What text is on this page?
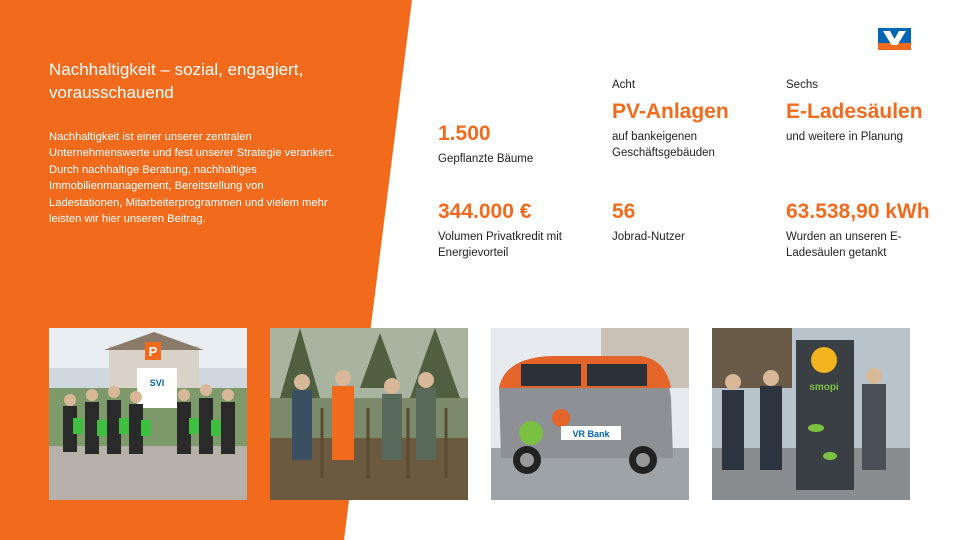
Nachhaltigkeit – sozial, engagiert, vorausschauend
Nachhaltigkeit ist einer unserer zentralen Unternehmenswerte und fest unserer Strategie verankert. Durch nachhaltige Beratung, nachhaltiges Immobilienmanagement, Bereitstellung von Ladestationen, Mitarbeiterprogrammen und vielem mehr leisten wir hier unseren Beitrag.
1.500
Gepflanzte Bäume
Acht
PV-Anlagen
auf bankeigenen Geschäftsgebäuden
Sechs
E-Ladesäulen
und weitere in Planung
344.000 €
Volumen Privatkredit mit Energievorteil
56
Jobrad-Nutzer
63.538,90 kWh
Wurden an unseren E-Ladesäulen getankt
P
SVI
VR Bank
smopi
